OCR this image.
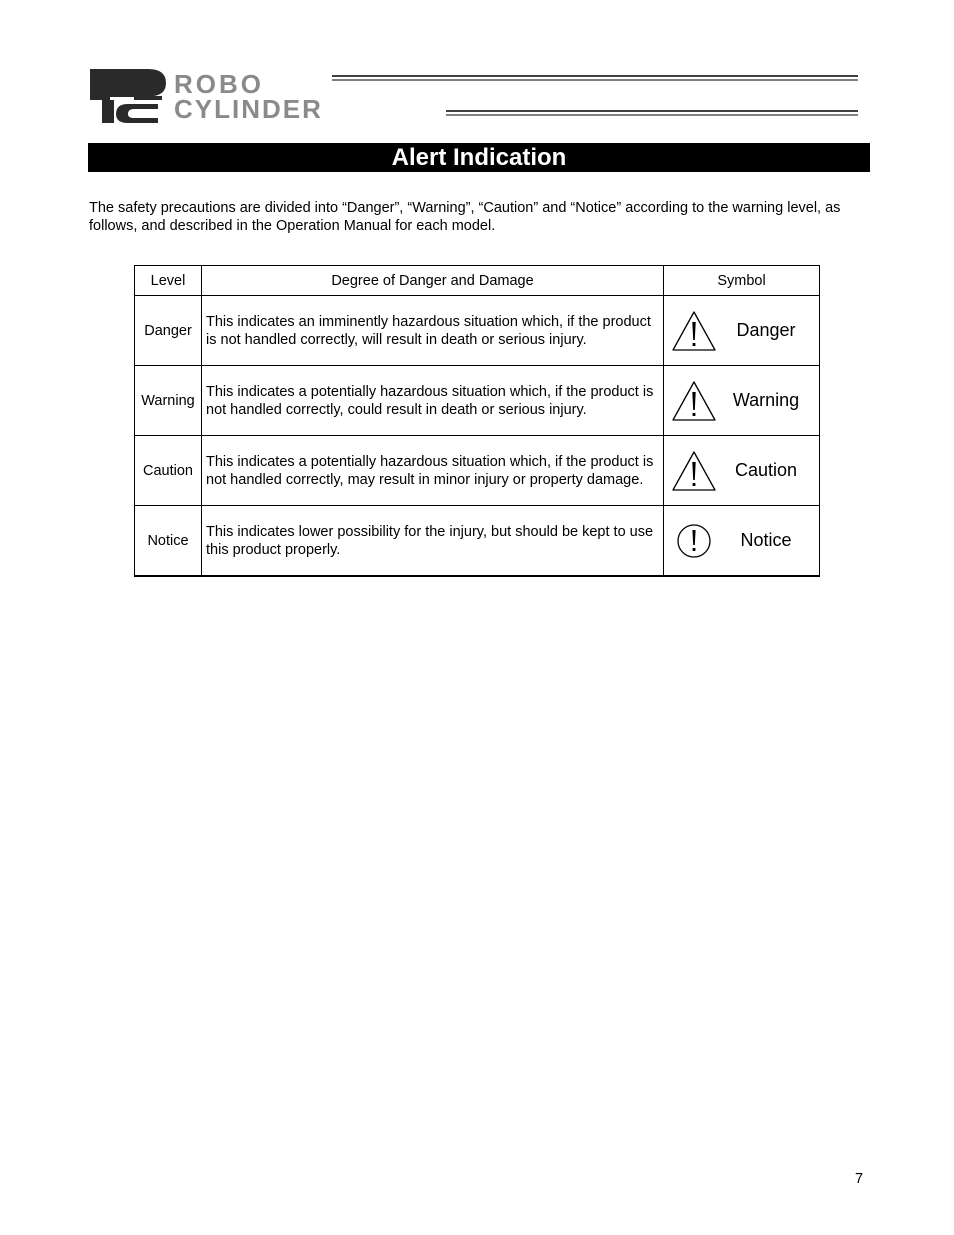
ROBO
CYLINDER
Alert Indication
The safety precautions are divided into “Danger”, “Warning”, “Caution” and “Notice” according to the warning level, as follows, and described in the Operation Manual for each model.
Level	Degree of Danger and Damage	Symbol
Danger	This indicates an imminently hazardous situation which, if the product is not handled correctly, will result in death or serious injury.	Danger

Warning	This indicates a potentially hazardous situation which, if the product is not handled correctly, could result in death or serious injury.	Warning

Caution	This indicates a potentially hazardous situation which, if the product is not handled correctly, may result in minor injury or property damage.	Caution

Notice	This indicates lower possibility for the injury, but should be kept to use this product properly.	Notice
7
